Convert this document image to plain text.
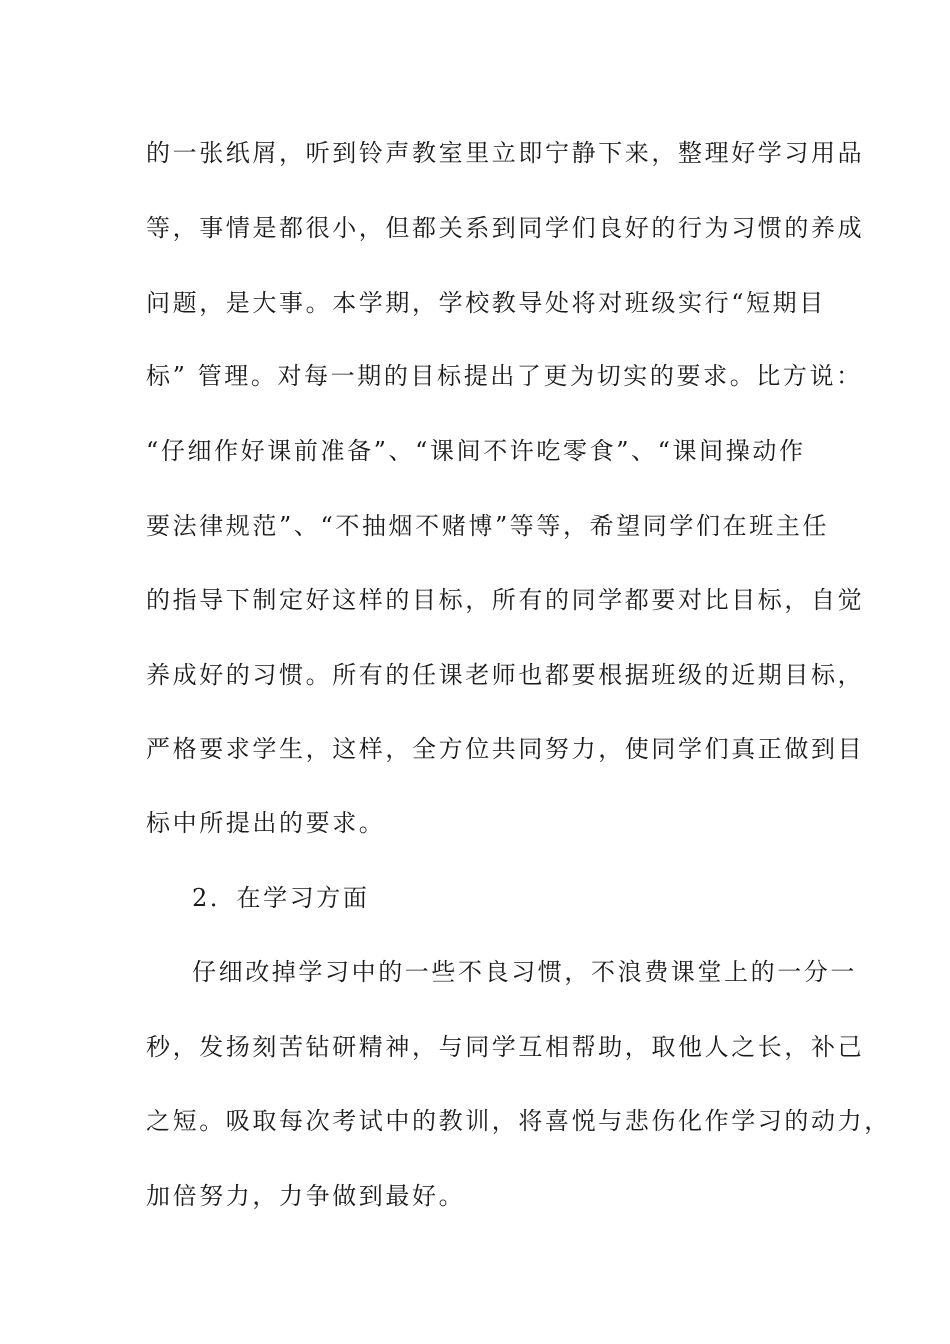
的一张纸屑，听到铃声教室里立即宁静下来，整理好学习用品
等，事情是都很小，但都关系到同学们良好的行为习惯的养成
问题，是大事。本学期，学校教导处将对班级实行“短期目
标” 管理。对每一期的目标提出了更为切实的要求。比方说：
“仔细作好课前准备”、“课间不许吃零食”、“课间操动作
要法律规范”、“不抽烟不赌博”等等，希望同学们在班主任
的指导下制定好这样的目标，所有的同学都要对比目标，自觉
养成好的习惯。所有的任课老师也都要根据班级的近期目标，
严格要求学生，这样，全方位共同努力，使同学们真正做到目
标中所提出的要求。
2．在学习方面
仔细改掉学习中的一些不良习惯，不浪费课堂上的一分一
秒，发扬刻苦钻研精神，与同学互相帮助，取他人之长，补己
之短。吸取每次考试中的教训，将喜悦与悲伤化作学习的动力，
加倍努力，力争做到最好。
